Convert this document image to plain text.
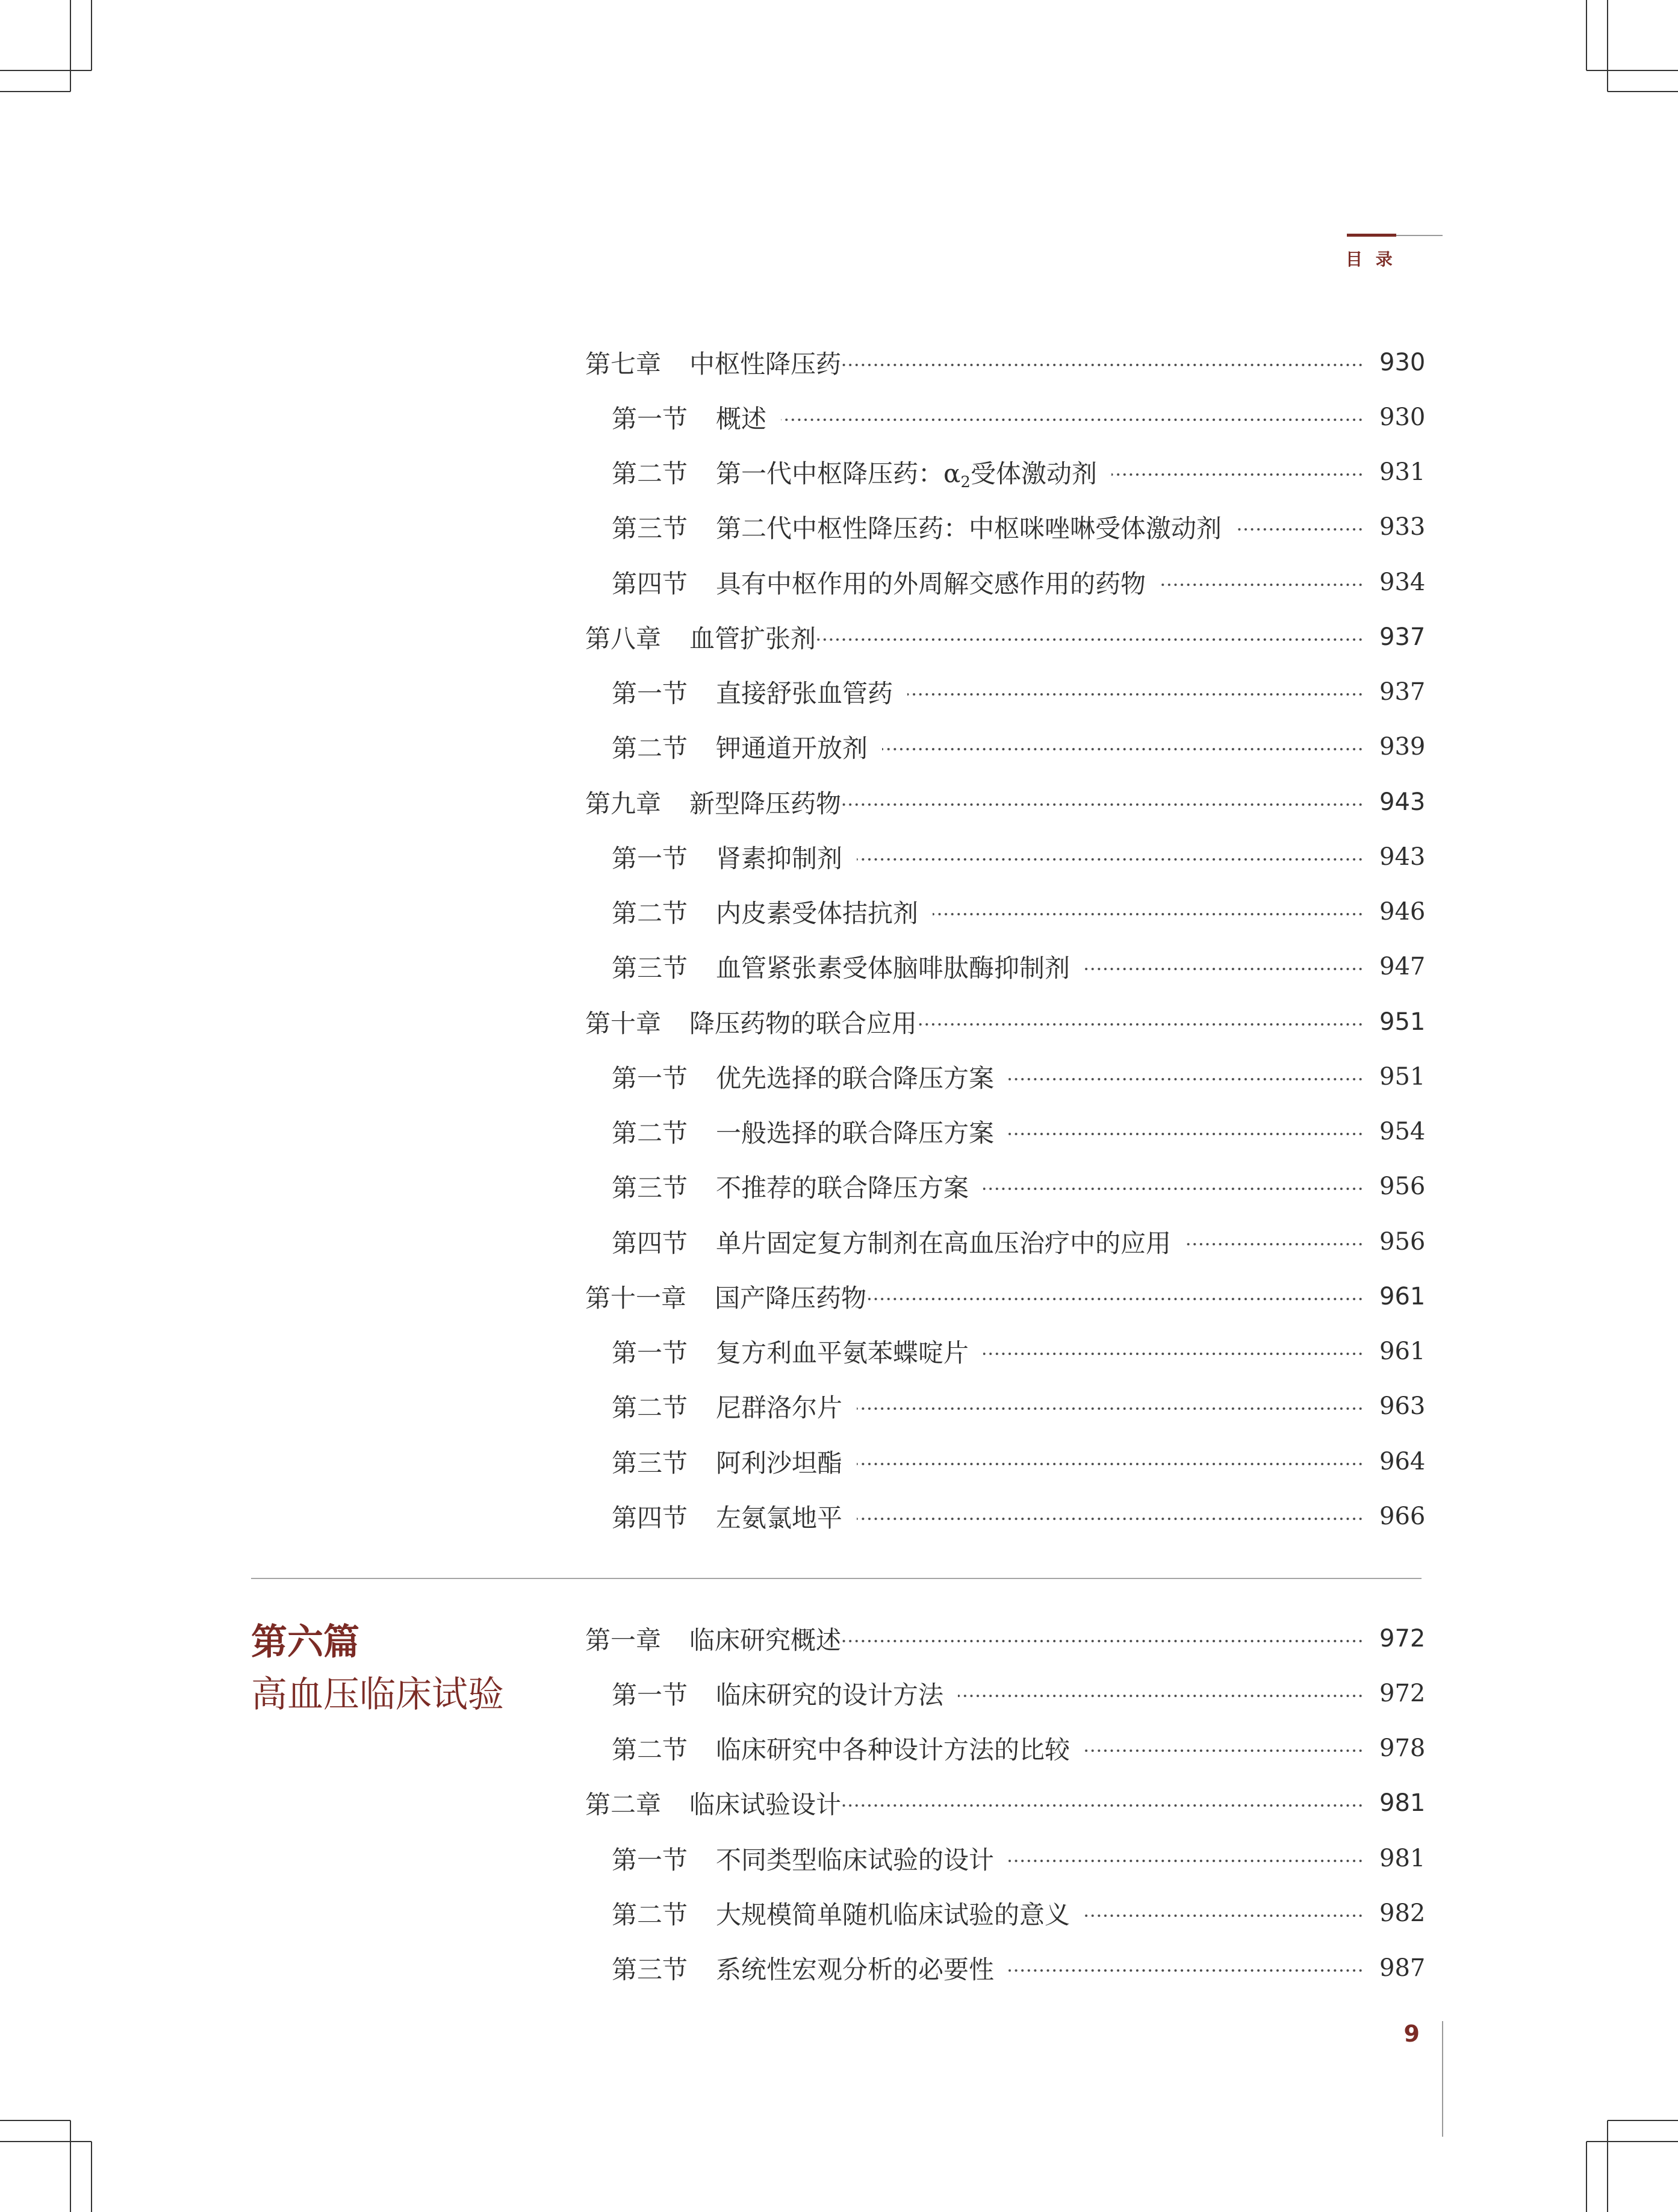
目 录
第七章 中枢性降压药	930
第一节 概述	930
第二节 第一代中枢降压药：$\alpha_2$受体激动剂	931
第三节 第二代中枢性降压药：中枢咪唑啉受体激动剂	933
第四节 具有中枢作用的外周解交感作用的药物	934
第八章 血管扩张剂	937
第一节 直接舒张血管药	937
第二节 钾通道开放剂	939
第九章 新型降压药物	943
第一节 肾素抑制剂	943
第二节 内皮素受体拮抗剂	946
第三节 血管紧张素受体脑啡肽酶抑制剂	947
第十章 降压药物的联合应用	951
第一节 优先选择的联合降压方案	951
第二节 一般选择的联合降压方案	954
第三节 不推荐的联合降压方案	956
第四节 单片固定复方制剂在高血压治疗中的应用	956
第十一章 国产降压药物	961
第一节 复方利血平氨苯蝶啶片	961
第二节 尼群洛尔片	963
第三节 阿利沙坦酯	964
第四节 左氨氯地平	966
第六篇
高血压临床试验
第一章 临床研究概述	972
第一节 临床研究的设计方法	972
第二节 临床研究中各种设计方法的比较	978
第二章 临床试验设计	981
第一节 不同类型临床试验的设计	981
第二节 大规模简单随机临床试验的意义	982
第三节 系统性宏观分析的必要性	987
9
